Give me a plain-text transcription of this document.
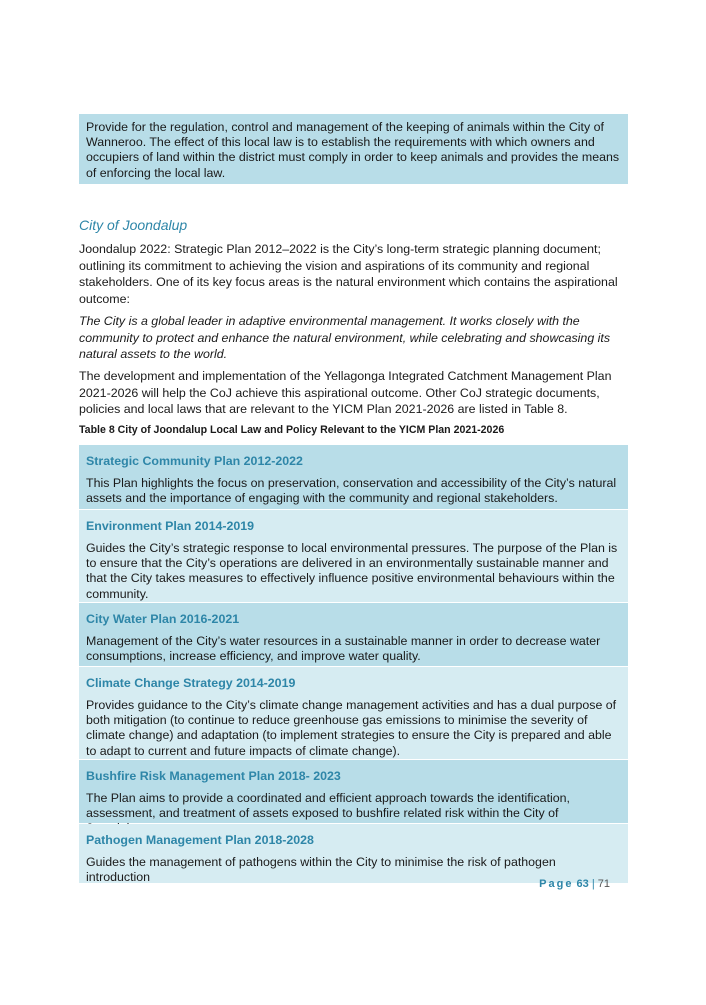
Provide for the regulation, control and management of the keeping of animals within the City of Wanneroo. The effect of this local law is to establish the requirements with which owners and occupiers of land within the district must comply in order to keep animals and provides the means of enforcing the local law.

City of Joondalup

Joondalup 2022: Strategic Plan 2012–2022 is the City’s long-term strategic planning document; outlining its commitment to achieving the vision and aspirations of its community and regional stakeholders. One of its key focus areas is the natural environment which contains the aspirational outcome:

The City is a global leader in adaptive environmental management. It works closely with the community to protect and enhance the natural environment, while celebrating and showcasing its natural assets to the world.

The development and implementation of the Yellagonga Integrated Catchment Management Plan 2021-2026 will help the CoJ achieve this aspirational outcome. Other CoJ strategic documents, policies and local laws that are relevant to the YICM Plan 2021-2026 are listed in Table 8.

Table 8 City of Joondalup Local Law and Policy Relevant to the YICM Plan 2021-2026

Strategic Community Plan 2012-2022

This Plan highlights the focus on preservation, conservation and accessibility of the City’s natural assets and the importance of engaging with the community and regional stakeholders.

Environment Plan 2014-2019

Guides the City’s strategic response to local environmental pressures. The purpose of the Plan is to ensure that the City’s operations are delivered in an environmentally sustainable manner and that the City takes measures to effectively influence positive environmental behaviours within the community.

City Water Plan 2016-2021

Management of the City’s water resources in a sustainable manner in order to decrease water consumptions, increase efficiency, and improve water quality.

Climate Change Strategy 2014-2019

Provides guidance to the City’s climate change management activities and has a dual purpose of both mitigation (to continue to reduce greenhouse gas emissions to minimise the severity of climate change) and adaptation (to implement strategies to ensure the City is prepared and able to adapt to current and future impacts of climate change).

Bushfire Risk Management Plan 2018- 2023

The Plan aims to provide a coordinated and efficient approach towards the identification, assessment, and treatment of assets exposed to bushfire related risk within the City of

Pathogen Management Plan 2018-2028

Guides the management of pathogens within the City to minimise the risk of pathogen introduction	Page 63 | 71
